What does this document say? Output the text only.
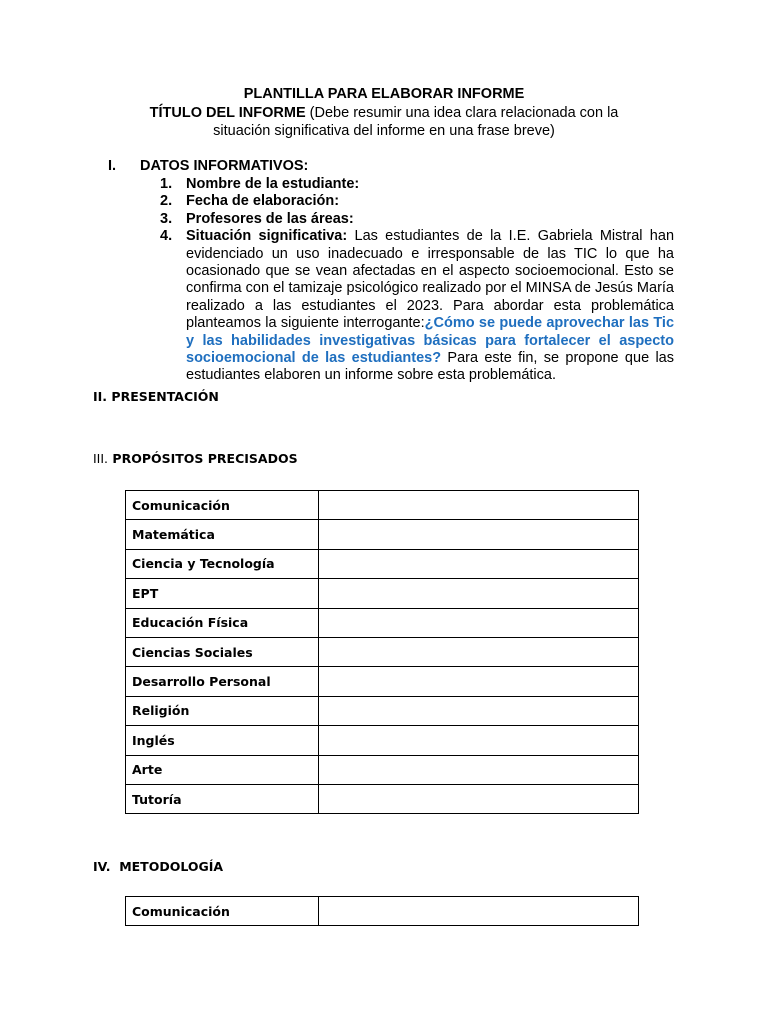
PLANTILLA PARA ELABORAR INFORME
TÍTULO DEL INFORME (Debe resumir una idea clara relacionada con la situación significativa del informe en una frase breve)
I. DATOS INFORMATIVOS:
1. Nombre de la estudiante:
2. Fecha de elaboración:
3. Profesores de las áreas:
4. Situación significativa: Las estudiantes de la I.E. Gabriela Mistral han evidenciado un uso inadecuado e irresponsable de las TIC lo que ha ocasionado que se vean afectadas en el aspecto socioemocional. Esto se confirma con el tamizaje psicológico realizado por el MINSA de Jesús María realizado a las estudiantes el 2023. Para abordar esta problemática planteamos la siguiente interrogante:¿Cómo se puede aprovechar las Tic y las habilidades investigativas básicas para fortalecer el aspecto socioemocional de las estudiantes? Para este fin, se propone que las estudiantes elaboren un informe sobre esta problemática.
II. PRESENTACIÓN
III. PROPÓSITOS PRECISADOS
Comunicación	
Matemática	
Ciencia y Tecnología	
EPT	
Educación Física	
Ciencias Sociales	
Desarrollo Personal	
Religión	
Inglés	
Arte	
Tutoría	
IV. METODOLOGÍA
Comunicación	
